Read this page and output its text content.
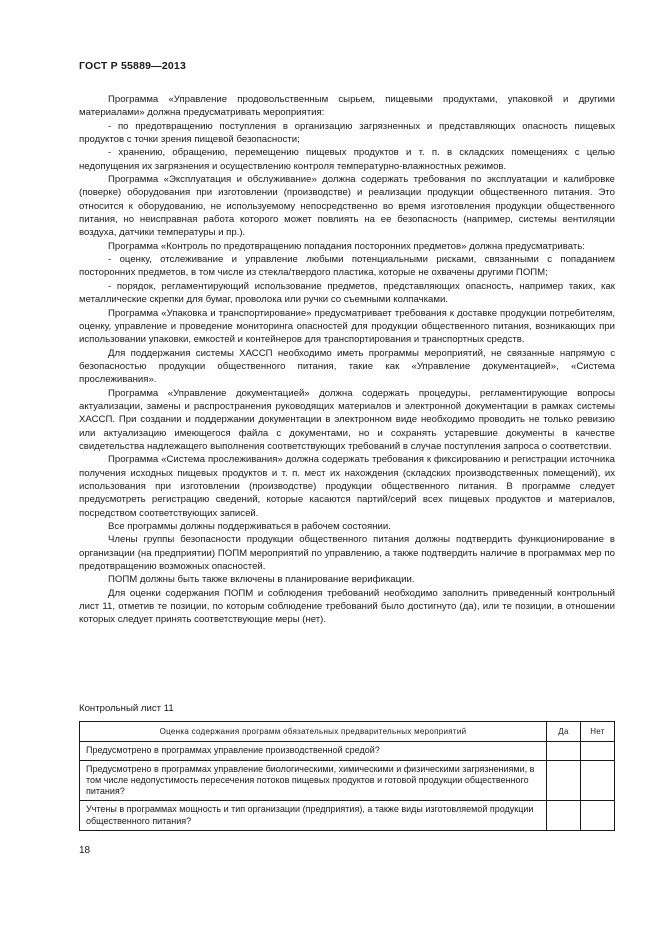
ГОСТ Р 55889—2013

Программа «Управление продовольственным сырьем, пищевыми продуктами, упаковкой и другими материалами» должна предусматривать мероприятия:

- по предотвращению поступления в организацию загрязненных и представляющих опасность пищевых продуктов с точки зрения пищевой безопасности;

- хранению, обращению, перемещению пищевых продуктов и т. п. в складских помещениях с целью недопущения их загрязнения и осуществлению контроля температурно-влажностных режимов.

Программа «Эксплуатация и обслуживание» должна содержать требования по эксплуатации и калибровке (поверке) оборудования при изготовлении (производстве) и реализации продукции общественного питания. Это относится к оборудованию, не используемому непосредственно во время изготовления продукции общественного питания, но неисправная работа которого может повлиять на ее безопасность (например, системы вентиляции воздуха, датчики температуры и пр.).

Программа «Контроль по предотвращению попадания посторонних предметов» должна предусматривать:

- оценку, отслеживание и управление любыми потенциальными рисками, связанными с попаданием посторонних предметов, в том числе из стекла/твердого пластика, которые не охвачены другими ПОПМ;

- порядок, регламентирующий использование предметов, представляющих опасность, например таких, как металлические скрепки для бумаг, проволока или ручки со съемными колпачками.

Программа «Упаковка и транспортирование» предусматривает требования к доставке продукции потребителям, оценку, управление и проведение мониторинга опасностей для продукции общественного питания, возникающих при использовании упаковки, емкостей и контейнеров для транспортирования и транспортных средств.

Для поддержания системы ХАССП необходимо иметь программы мероприятий, не связанные напрямую с безопасностью продукции общественного питания, такие как «Управление документацией», «Система прослеживания».

Программа «Управление документацией» должна содержать процедуры, регламентирующие вопросы актуализации, замены и распространения руководящих материалов и электронной документации в рамках системы ХАССП. При создании и поддержании документации в электронном виде необходимо проводить не только ревизию или актуализацию имеющегося файла с документами, но и сохранять устаревшие документы в качестве свидетельства надлежащего выполнения соответствующих требований в случае поступления запроса о соответствии.

Программа «Система прослеживания» должна содержать требования к фиксированию и регистрации источника получения исходных пищевых продуктов и т. п. мест их нахождения (складских производственных помещений), их использования при изготовлении (производстве) продукции общественного питания. В программе следует предусмотреть регистрацию сведений, которые касаются партий/серий всех пищевых продуктов и материалов, посредством соответствующих записей.

Все программы должны поддерживаться в рабочем состоянии.

Члены группы безопасности продукции общественного питания должны подтвердить функционирование в организации (на предприятии) ПОПМ мероприятий по управлению, а также подтвердить наличие в программах мер по предотвращению возможных опасностей.

ПОПМ должны быть также включены в планирование верификации.

Для оценки содержания ПОПМ и соблюдения требований необходимо заполнить приведенный контрольный лист 11, отметив те позиции, по которым соблюдение требований было достигнуто (да), или те позиции, в отношении которых следует принять соответствующие меры (нет).

Контрольный лист 11
Оценка содержания программ обязательных предварительных мероприятий	Да	Нет
Предусмотрено в программах управление производственной средой?		
Предусмотрено в программах управление биологическими, химическими и физическими загрязнениями, в том числе недопустимость пересечения потоков пищевых продуктов и готовой продукции общественного питания?		
Учтены в программах мощность и тип организации (предприятия), а также виды изготовляемой продукции общественного питания?		
18
